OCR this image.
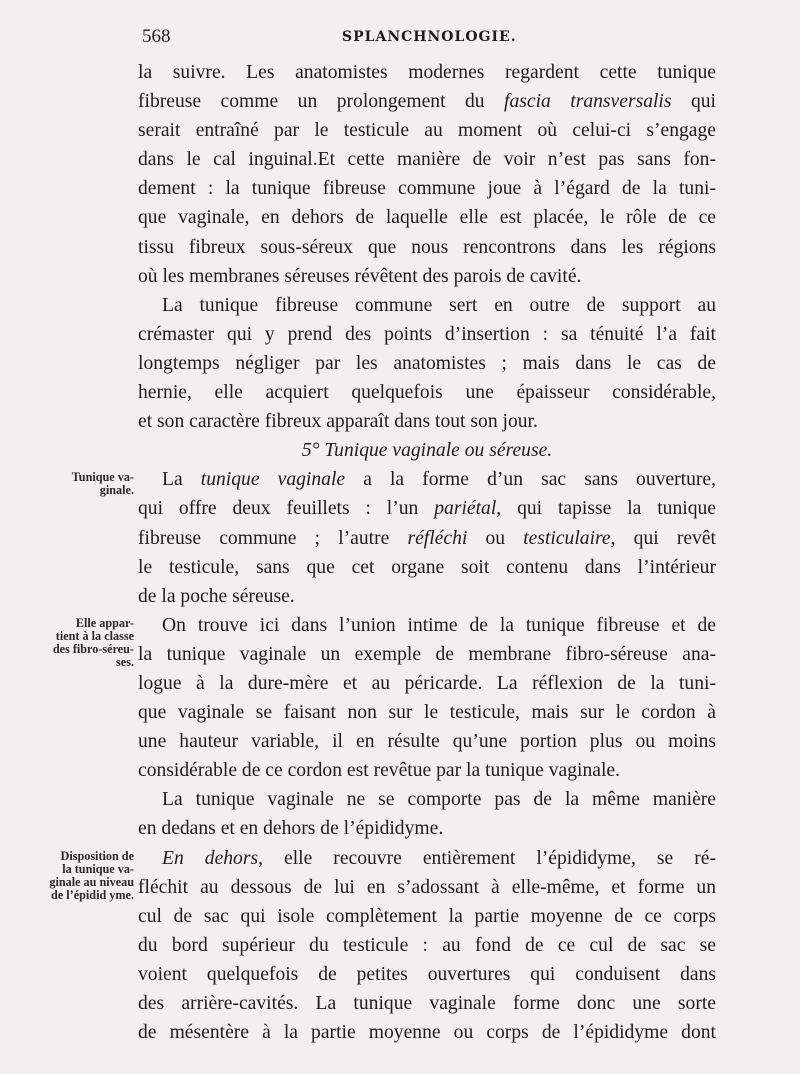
568	SPLANCHNOLOGIE.
Tunique va-
ginale.
Elle appar-
tient à la classe
des fibro-séreu-
ses.
Disposition de
la tunique va-
ginale au niveau
de l’épidid yme.
la suivre. Les anatomistes modernes regardent cette tunique
fibreuse comme un prolongement du fascia transversalis qui
serait entraîné par le testicule au moment où celui-ci s’engage
dans le cal inguinal.Et cette manière de voir n’est pas sans fon-
dement : la tunique fibreuse commune joue à l’égard de la tuni-
que vaginale, en dehors de laquelle elle est placée, le rôle de ce
tissu fibreux sous-séreux que nous rencontrons dans les régions
où les membranes séreuses révêtent des parois de cavité.
La tunique fibreuse commune sert en outre de support au
crémaster qui y prend des points d’insertion : sa ténuité l’a fait
longtemps négliger par les anatomistes ; mais dans le cas de
hernie, elle acquiert quelquefois une épaisseur considérable,
et son caractère fibreux apparaît dans tout son jour.
5° Tunique vaginale ou séreuse.
La tunique vaginale a la forme d’un sac sans ouverture,
qui offre deux feuillets : l’un pariétal, qui tapisse la tunique
fibreuse commune ; l’autre réfléchi ou testiculaire, qui revêt
le testicule, sans que cet organe soit contenu dans l’intérieur
de la poche séreuse.
On trouve ici dans l’union intime de la tunique fibreuse et de
la tunique vaginale un exemple de membrane fibro-séreuse ana-
logue à la dure-mère et au péricarde. La réflexion de la tuni-
que vaginale se faisant non sur le testicule, mais sur le cordon à
une hauteur variable, il en résulte qu’une portion plus ou moins
considérable de ce cordon est revêtue par la tunique vaginale.
La tunique vaginale ne se comporte pas de la même manière
en dedans et en dehors de l’épididyme.
En dehors, elle recouvre entièrement l’épididyme, se ré-
fléchit au dessous de lui en s’adossant à elle-même, et forme un
cul de sac qui isole complètement la partie moyenne de ce corps
du bord supérieur du testicule : au fond de ce cul de sac se
voient quelquefois de petites ouvertures qui conduisent dans
des arrière-cavités. La tunique vaginale forme donc une sorte
de mésentère à la partie moyenne ou corps de l’épididyme dont
